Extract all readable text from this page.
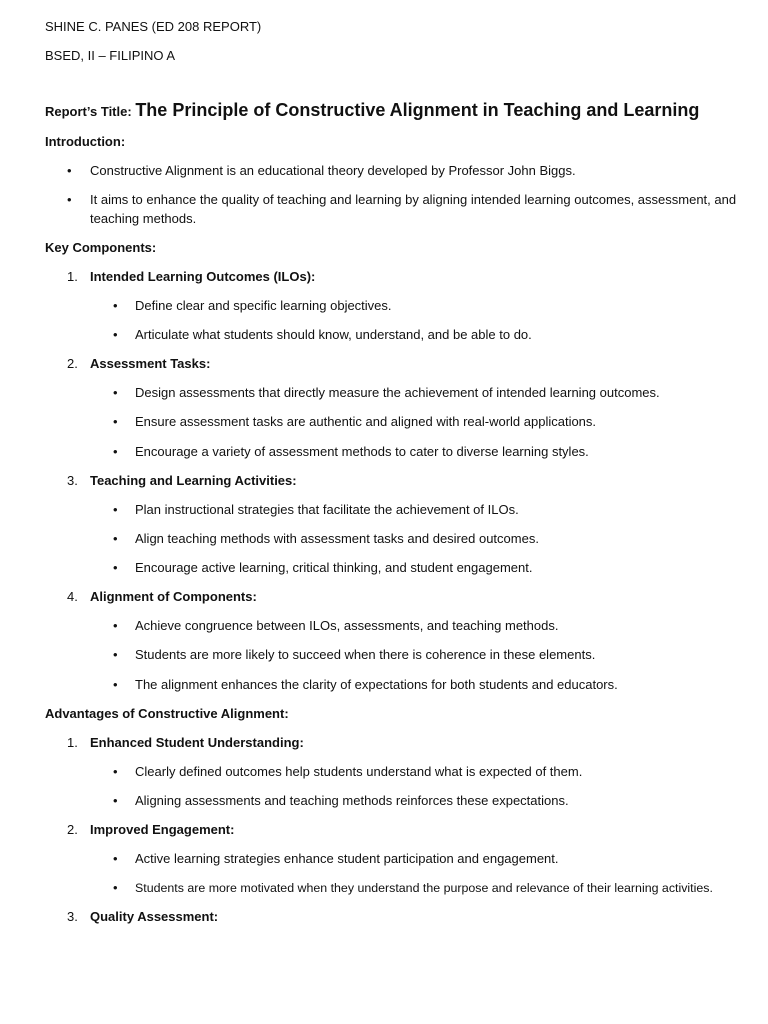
SHINE C. PANES (ED 208 REPORT)
BSED, II – FILIPINO A
Report’s Title: The Principle of Constructive Alignment in Teaching and Learning
Introduction:
• Constructive Alignment is an educational theory developed by Professor John Biggs.
• It aims to enhance the quality of teaching and learning by aligning intended learning outcomes, assessment, and
teaching methods.
Key Components:
1. Intended Learning Outcomes (ILOs):
• Define clear and specific learning objectives.
• Articulate what students should know, understand, and be able to do.
2. Assessment Tasks:
• Design assessments that directly measure the achievement of intended learning outcomes.
• Ensure assessment tasks are authentic and aligned with real-world applications.
• Encourage a variety of assessment methods to cater to diverse learning styles.
3. Teaching and Learning Activities:
• Plan instructional strategies that facilitate the achievement of ILOs.
• Align teaching methods with assessment tasks and desired outcomes.
• Encourage active learning, critical thinking, and student engagement.
4. Alignment of Components:
• Achieve congruence between ILOs, assessments, and teaching methods.
• Students are more likely to succeed when there is coherence in these elements.
• The alignment enhances the clarity of expectations for both students and educators.
Advantages of Constructive Alignment:
1. Enhanced Student Understanding:
• Clearly defined outcomes help students understand what is expected of them.
• Aligning assessments and teaching methods reinforces these expectations.
2. Improved Engagement:
• Active learning strategies enhance student participation and engagement.
• Students are more motivated when they understand the purpose and relevance of their learning activities.
3. Quality Assessment:
